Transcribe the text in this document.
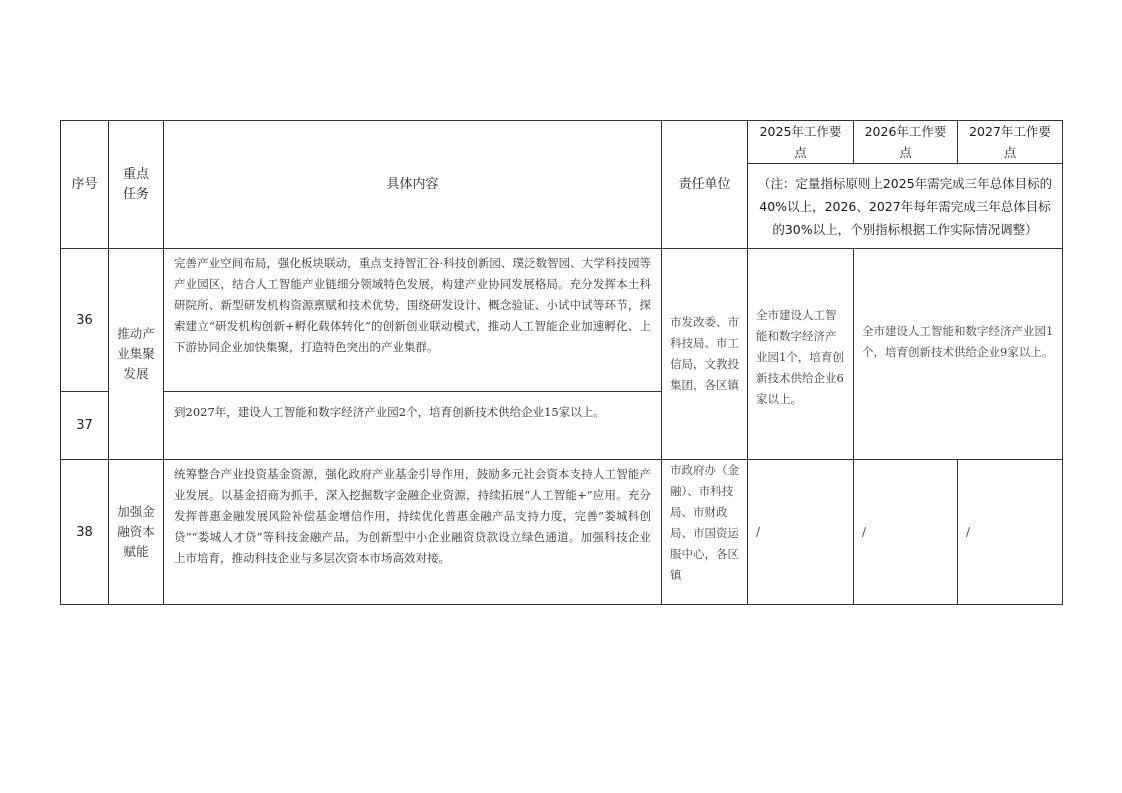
序号	重点任务	具体内容	责任单位	2025年工作要点	2026年工作要点	2027年工作要点
				（注：定量指标原则上2025年需完成三年总体目标的40%以上，2026、2027年每年需完成三年总体目标的30%以上，个别指标根据工作实际情况调整）		
36	推动产业集聚发展	完善产业空间布局，强化板块联动，重点支持智汇谷·科技创新园、璞泛数智园、大学科技园等产业园区，结合人工智能产业链细分领域特色发展，构建产业协同发展格局。充分发挥本土科研院所、新型研发机构资源禀赋和技术优势，围绕研发设计、概念验证、小试中试等环节，探索建立“研发机构创新+孵化载体转化”的创新创业联动模式，推动人工智能企业加速孵化、上下游协同企业加快集聚，打造特色突出的产业集群。	市发改委、市科技局、市工信局，文教投集团，各区镇	全市建设人工智能和数字经济产业园1个，培育创新技术供给企业6家以上。	全市建设人工智能和数字经济产业园1个，培育创新技术供给企业9家以上。	
37		到2027年，建设人工智能和数字经济产业园2个，培育创新技术供给企业15家以上。				
38	加强金融资本赋能	统筹整合产业投资基金资源，强化政府产业基金引导作用，鼓励多元社会资本支持人工智能产业发展。以基金招商为抓手，深入挖掘数字金融企业资源，持续拓展“人工智能+”应用。充分发挥普惠金融发展风险补偿基金增信作用，持续优化普惠金融产品支持力度，完善“娄城科创贷”“娄城人才贷”等科技金融产品，为创新型中小企业融资贷款设立绿色通道。加强科技企业上市培育，推动科技企业与多层次资本市场高效对接。	市政府办（金融）、市科技局、市财政局、市国资运服中心，各区镇	/	/	/
